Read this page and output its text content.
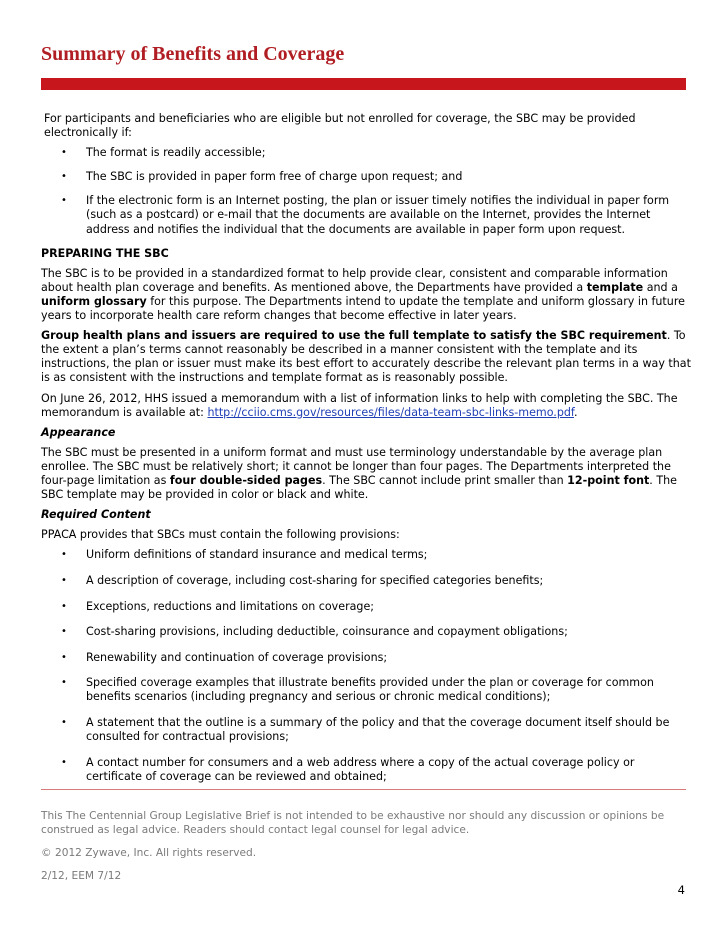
Summary of Benefits and Coverage

For participants and beneficiaries who are eligible but not enrolled for coverage, the SBC may be provided electronically if:

• The format is readily accessible;
• The SBC is provided in paper form free of charge upon request; and
• If the electronic form is an Internet posting, the plan or issuer timely notifies the individual in paper form (such as a postcard) or e-mail that the documents are available on the Internet, provides the Internet address and notifies the individual that the documents are available in paper form upon request.

PREPARING THE SBC

The SBC is to be provided in a standardized format to help provide clear, consistent and comparable information about health plan coverage and benefits. As mentioned above, the Departments have provided a template and a uniform glossary for this purpose. The Departments intend to update the template and uniform glossary in future years to incorporate health care reform changes that become effective in later years.

Group health plans and issuers are required to use the full template to satisfy the SBC requirement. To the extent a plan’s terms cannot reasonably be described in a manner consistent with the template and its instructions, the plan or issuer must make its best effort to accurately describe the relevant plan terms in a way that is as consistent with the instructions and template format as is reasonably possible.

On June 26, 2012, HHS issued a memorandum with a list of information links to help with completing the SBC. The memorandum is available at: http://cciio.cms.gov/resources/files/data-team-sbc-links-memo.pdf.

Appearance

The SBC must be presented in a uniform format and must use terminology understandable by the average plan enrollee. The SBC must be relatively short; it cannot be longer than four pages. The Departments interpreted the four-page limitation as four double-sided pages. The SBC cannot include print smaller than 12-point font. The SBC template may be provided in color or black and white.

Required Content

PPACA provides that SBCs must contain the following provisions:

• Uniform definitions of standard insurance and medical terms;
• A description of coverage, including cost-sharing for specified categories benefits;
• Exceptions, reductions and limitations on coverage;
• Cost-sharing provisions, including deductible, coinsurance and copayment obligations;
• Renewability and continuation of coverage provisions;
• Specified coverage examples that illustrate benefits provided under the plan or coverage for common benefits scenarios (including pregnancy and serious or chronic medical conditions);
• A statement that the outline is a summary of the policy and that the coverage document itself should be consulted for contractual provisions;
• A contact number for consumers and a web address where a copy of the actual coverage policy or certificate of coverage can be reviewed and obtained;

This The Centennial Group Legislative Brief is not intended to be exhaustive nor should any discussion or opinions be construed as legal advice. Readers should contact legal counsel for legal advice.

© 2012 Zywave, Inc. All rights reserved.

2/12, EEM 7/12

4
